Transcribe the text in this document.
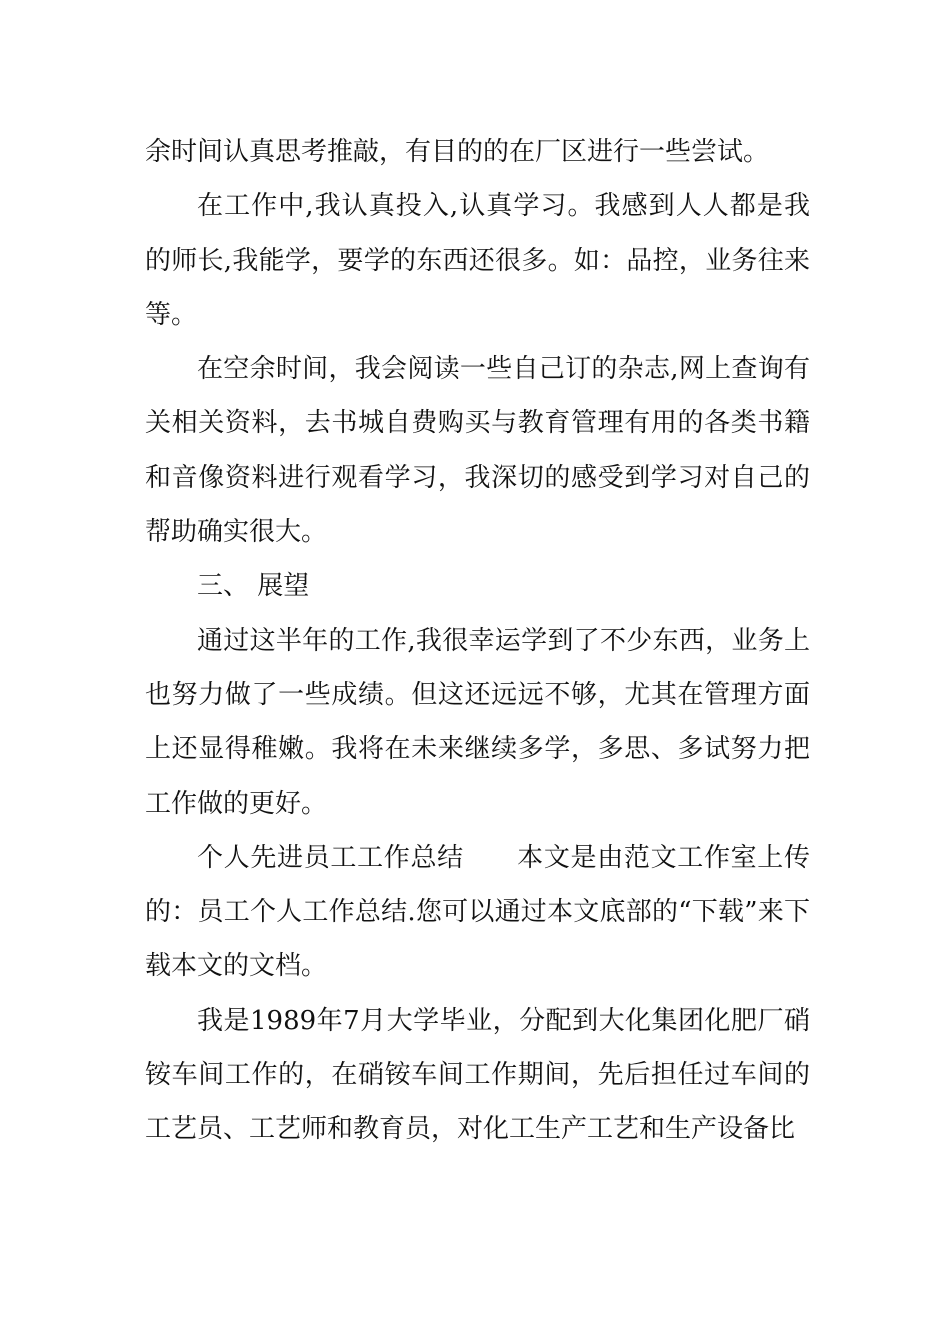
余时间认真思考推敲，有目的的在厂区进行一些尝试。

在工作中,我认真投入,认真学习。我感到人人都是我的师长,我能学，要学的东西还很多。如：品控，业务往来等。

在空余时间，我会阅读一些自己订的杂志,网上查询有关相关资料，去书城自费购买与教育管理有用的各类书籍和音像资料进行观看学习，我深切的感受到学习对自己的帮助确实很大。

三、 展望

通过这半年的工作,我很幸运学到了不少东西，业务上也努力做了一些成绩。但这还远远不够，尤其在管理方面上还显得稚嫩。我将在未来继续多学，多思、多试努力把工作做的更好。

个人先进员工工作总结　　本文是由范文工作室上传的：员工个人工作总结.您可以通过本文底部的“下载”来下载本文的文档。

我是1989年7月大学毕业，分配到大化集团化肥厂硝铵车间工作的，在硝铵车间工作期间，先后担任过车间的工艺员、工艺师和教育员，对化工生产工艺和生产设备比
